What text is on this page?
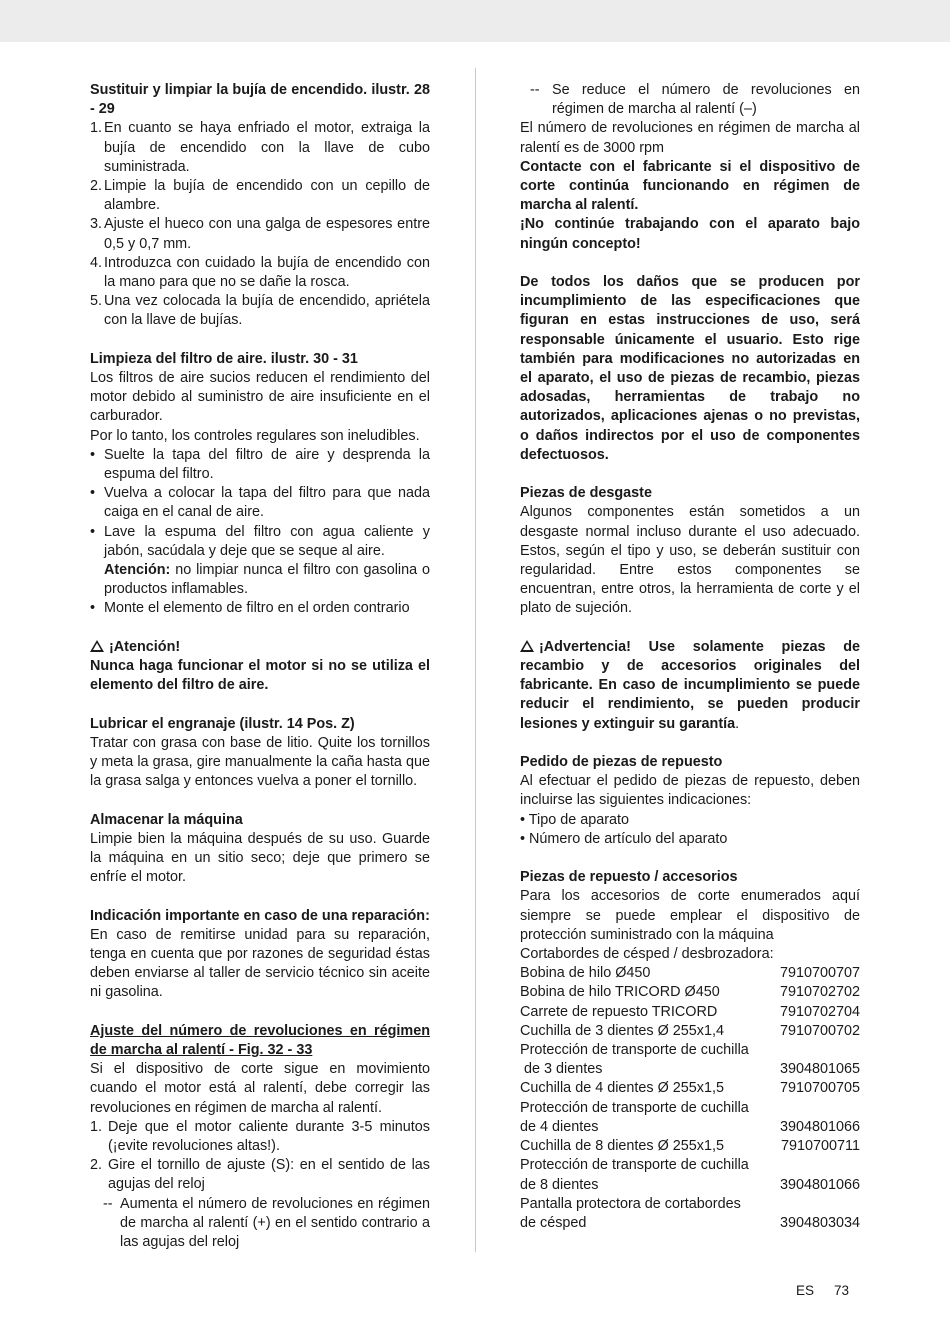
Sustituir y limpiar la bujía de encendido. ilustr. 28 - 29

1. En cuanto se haya enfriado el motor, extraiga la bujía de encendido con la llave de cubo suministrada.
2. Limpie la bujía de encendido con un cepillo de alambre.
3. Ajuste el hueco con una galga de espesores entre 0,5 y 0,7 mm.
4. Introduzca con cuidado la bujía de encendido con la mano para que no se dañe la rosca.
5. Una vez colocada la bujía de encendido, apriétela con la llave de bujías.

Limpieza del filtro de aire. ilustr. 30 - 31

Los filtros de aire sucios reducen el rendimiento del motor debido al suministro de aire insuficiente en el carburador.

Por lo tanto, los controles regulares son ineludibles.

• Suelte la tapa del filtro de aire y desprenda la espuma del filtro.
• Vuelva a colocar la tapa del filtro para que nada caiga en el canal de aire.
• Lave la espuma del filtro con agua caliente y jabón, sacúdala y deje que se seque al aire.
Atención: no limpiar nunca el filtro con gasolina o productos inflamables.
• Monte el elemento de filtro en el orden contrario

¡Atención!

Nunca haga funcionar el motor si no se utiliza el elemento del filtro de aire.

Lubricar el engranaje (ilustr. 14 Pos. Z)

Tratar con grasa con base de litio. Quite los tornillos y meta la grasa, gire manualmente la caña hasta que la grasa salga y entonces vuelva a poner el tornillo.

Almacenar la máquina

Limpie bien la máquina después de su uso. Guarde la máquina en un sitio seco; deje que primero se enfríe el motor.

Indicación importante en caso de una reparación:

En caso de remitirse unidad para su reparación, tenga en cuenta que por razones de seguridad éstas deben enviarse al taller de servicio técnico sin aceite ni gasolina.

Ajuste del número de revoluciones en régimen de marcha al ralentí - Fig. 32 - 33

Si el dispositivo de corte sigue en movimiento cuando el motor está al ralentí, debe corregir las revoluciones en régimen de marcha al ralentí.

1. Deje que el motor caliente durante 3-5 minutos (¡evite revoluciones altas!).
2. Gire el tornillo de ajuste (S): en el sentido de las agujas del reloj
-- Aumenta el número de revoluciones en régimen de marcha al ralentí (+) en el sentido contrario a las agujas del reloj
-- Se reduce el número de revoluciones en régimen de marcha al ralentí (–)

El número de revoluciones en régimen de marcha al ralentí es de 3000 rpm

Contacte con el fabricante si el dispositivo de corte continúa funcionando en régimen de marcha al ralentí.

¡No continúe trabajando con el aparato bajo ningún concepto!

De todos los daños que se producen por incumplimiento de las especificaciones que figuran en estas instrucciones de uso, será responsable únicamente el usuario. Esto rige también para modificaciones no autorizadas en el aparato, el uso de piezas de recambio, piezas adosadas, herramientas de trabajo no autorizados, aplicaciones ajenas o no previstas, o daños indirectos por el uso de componentes defectuosos.

Piezas de desgaste

Algunos componentes están sometidos a un desgaste normal incluso durante el uso adecuado. Estos, según el tipo y uso, se deberán sustituir con regularidad. Entre estos componentes se encuentran, entre otros, la herramienta de corte y el plato de sujeción.

¡Advertencia! Use solamente piezas de recambio y de accesorios originales del fabricante. En caso de incumplimiento se puede reducir el rendimiento, se pueden producir lesiones y extinguir su garantía.

Pedido de piezas de repuesto

Al efectuar el pedido de piezas de repuesto, deben incluirse las siguientes indicaciones:

• Tipo de aparato

• Número de artículo del aparato

Piezas de repuesto / accesorios

Para los accesorios de corte enumerados aquí siempre se puede emplear el dispositivo de protección suministrado con la máquina

Cortabordes de césped / desbrozadora:

Bobina de hilo Ø450	7910700707
Bobina de hilo TRICORD Ø450	7910702702
Carrete de repuesto TRICORD	7910702704
Cuchilla de 3 dientes Ø 255x1,4	7910700702

Protección de transporte de cuchilla

de 3 dientes	3904801065
Cuchilla de 4 dientes Ø 255x1,5	7910700705

Protección de transporte de cuchilla

de 4 dientes	3904801066
Cuchilla de 8 dientes Ø 255x1,5	7910700711

Protección de transporte de cuchilla

de 8 dientes	3904801066

Pantalla protectora de cortabordes

de césped	3904803034
ES 73
